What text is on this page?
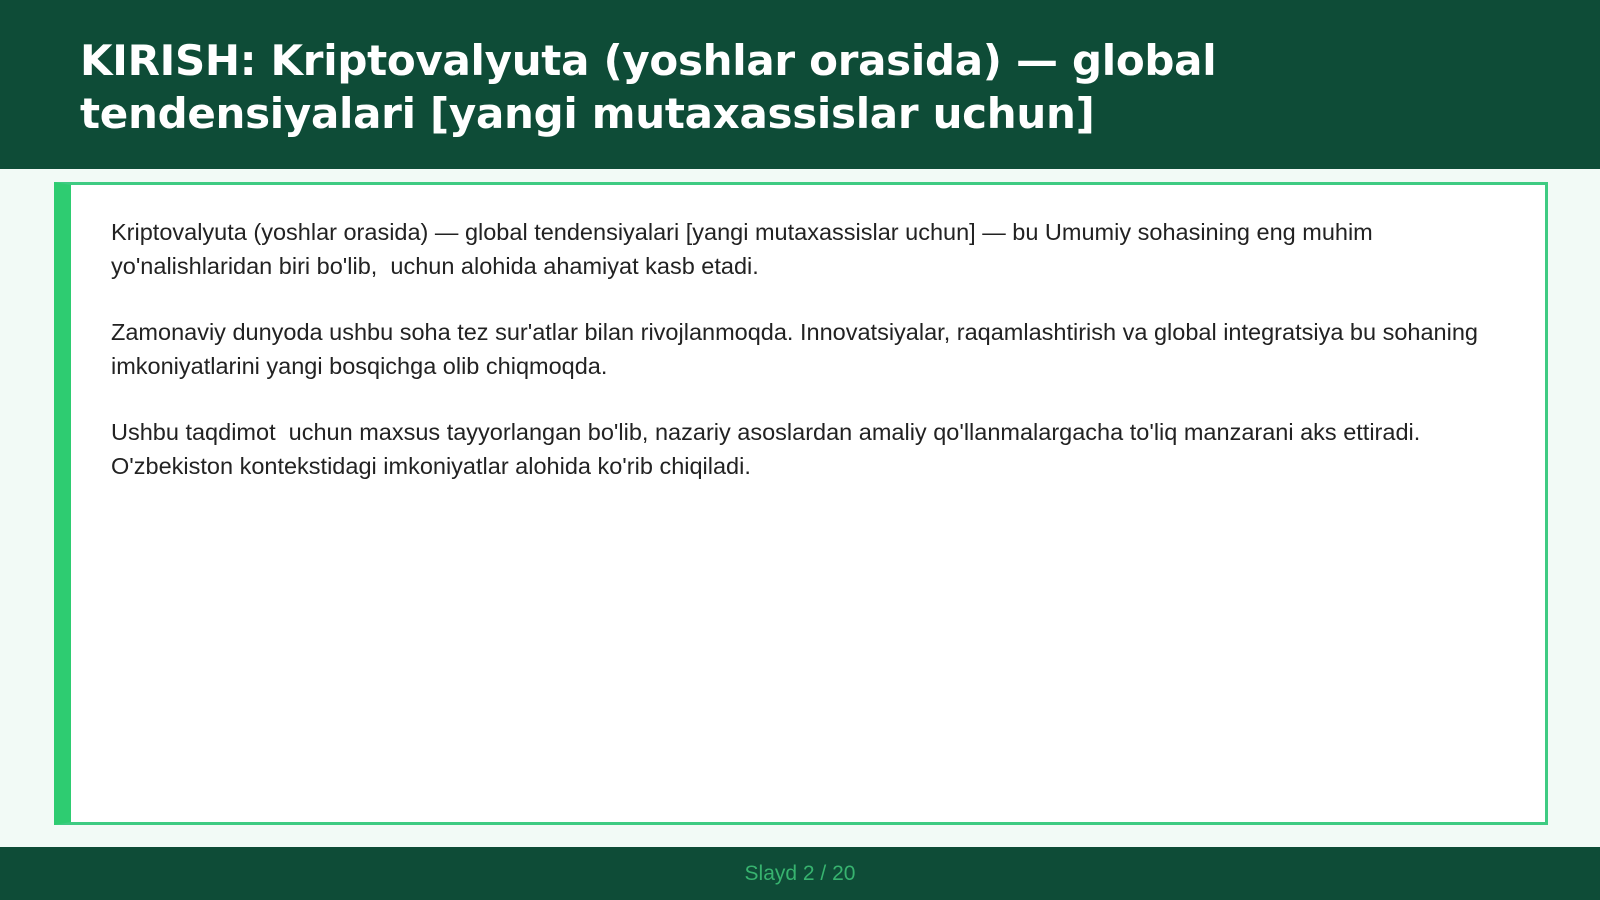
KIRISH: Kriptovalyuta (yoshlar orasida) — global tendensiyalari [yangi mutaxassislar uchun]

Kriptovalyuta (yoshlar orasida) — global tendensiyalari [yangi mutaxassislar uchun] — bu Umumiy sohasining eng muhim yo'nalishlaridan biri bo'lib,  uchun alohida ahamiyat kasb etadi.

Zamonaviy dunyoda ushbu soha tez sur'atlar bilan rivojlanmoqda. Innovatsiyalar, raqamlashtirish va global integratsiya bu sohaning imkoniyatlarini yangi bosqichga olib chiqmoqda.

Ushbu taqdimot  uchun maxsus tayyorlangan bo'lib, nazariy asoslardan amaliy qo'llanmalargacha to'liq manzarani aks ettiradi. O'zbekiston kontekstidagi imkoniyatlar alohida ko'rib chiqiladi.

Slayd 2 / 20
